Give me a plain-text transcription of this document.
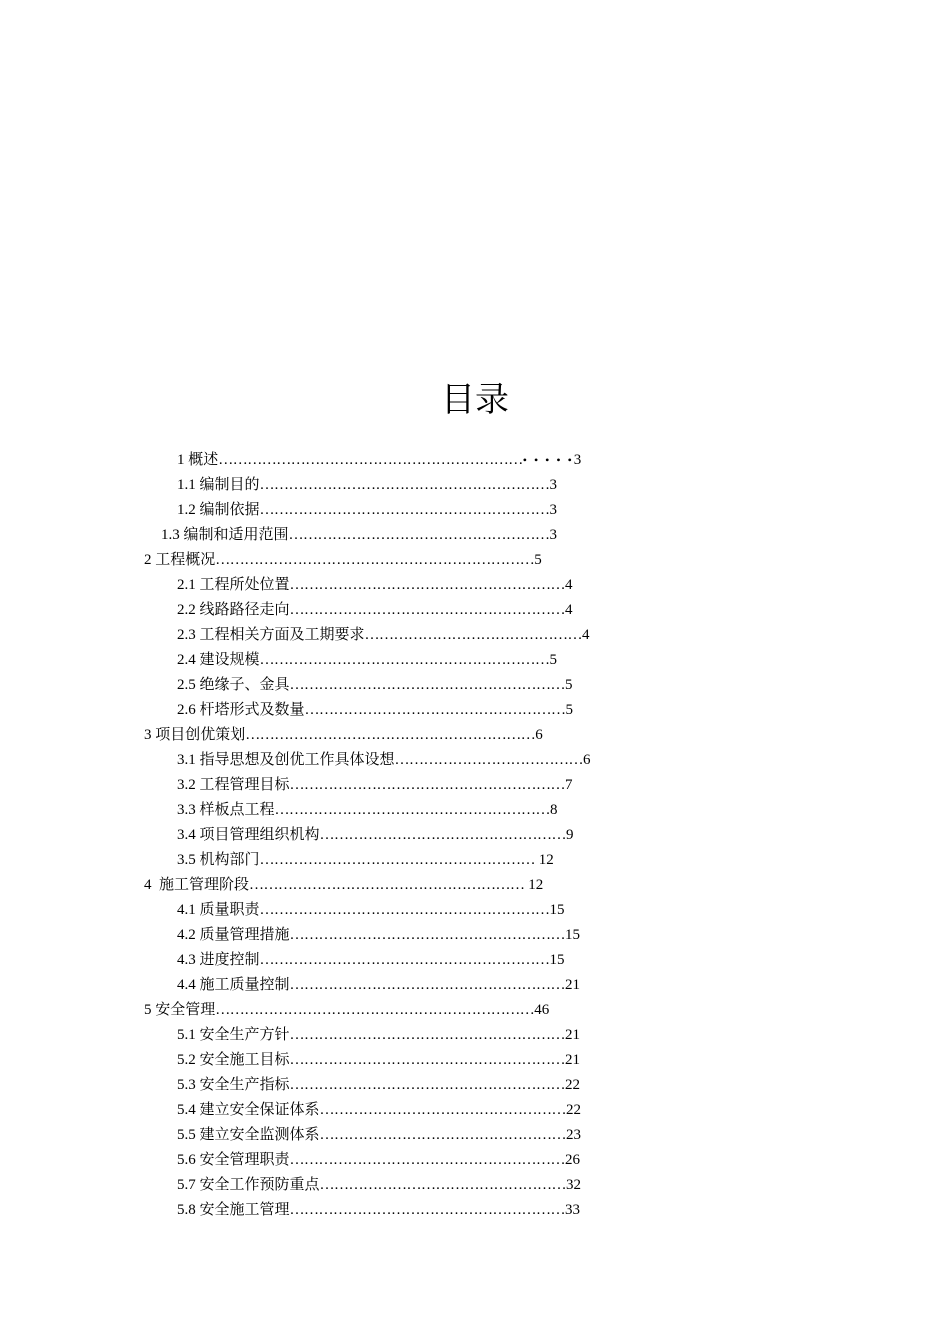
目录
1 概述………………………………………………………• • • • •3
1.1 编制目的……………………………………………………3
1.2 编制依据……………………………………………………3
1.3 编制和适用范围………………………………………………3
2 工程概况…………………………………………………………5
2.1 工程所处位置…………………………………………………4
2.2 线路路径走向…………………………………………………4
2.3 工程相关方面及工期要求………………………………………4
2.4 建设规模……………………………………………………5
2.5 绝缘子、金具…………………………………………………5
2.6 杆塔形式及数量………………………………………………5
3 项目创优策划……………………………………………………6
3.1 指导思想及创优工作具体设想…………………………………6
3.2 工程管理目标…………………………………………………7
3.3 样板点工程…………………………………………………8
3.4 项目管理组织机构……………………………………………9
3.5 机构部门………………………………………………… 12
4  施工管理阶段………………………………………………… 12
4.1 质量职责……………………………………………………15
4.2 质量管理措施…………………………………………………15
4.3 进度控制……………………………………………………15
4.4 施工质量控制…………………………………………………21
5 安全管理…………………………………………………………46
5.1 安全生产方针…………………………………………………21
5.2 安全施工目标…………………………………………………21
5.3 安全生产指标…………………………………………………22
5.4 建立安全保证体系……………………………………………22
5.5 建立安全监测体系……………………………………………23
5.6 安全管理职责…………………………………………………26
5.7 安全工作预防重点……………………………………………32
5.8 安全施工管理…………………………………………………33
